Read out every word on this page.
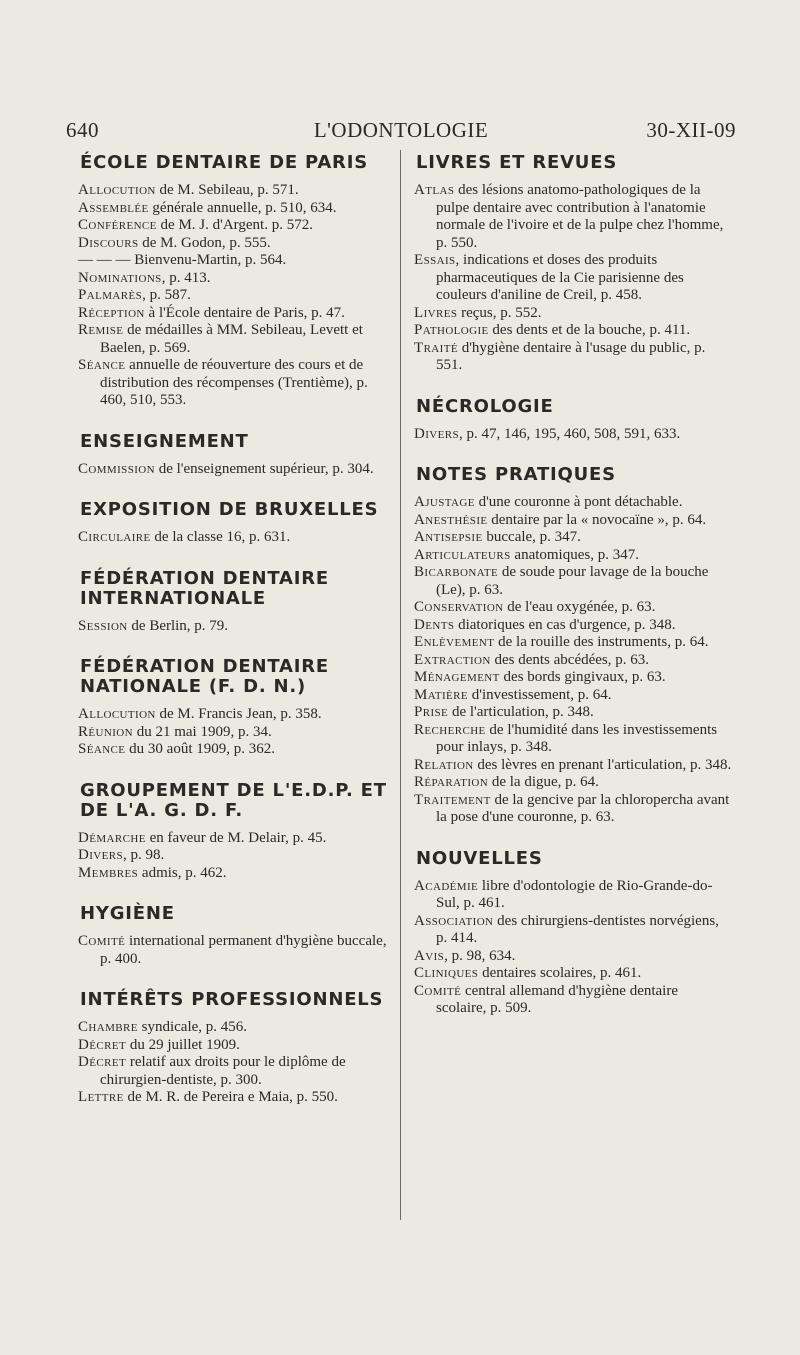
640	L'ODONTOLOGIE	30-XII-09
ÉCOLE DENTAIRE DE PARIS

Allocution de M. Sebileau, p. 571.

Assemblée générale annuelle, p. 510, 634.

Conférence de M. J. d'Argent. p. 572.

Discours de M. Godon, p. 555.

— — — Bienvenu-Martin, p. 564.

Nominations, p. 413.

Palmarès, p. 587.

Réception à l'École dentaire de Paris, p. 47.

Remise de médailles à MM. Sebileau, Levett et Baelen, p. 569.

Séance annuelle de réouverture des cours et de distribution des récompenses (Trentième), p. 460, 510, 553.

ENSEIGNEMENT

Commission de l'enseignement supérieur, p. 304.

EXPOSITION DE BRUXELLES

Circulaire de la classe 16, p. 631.

FÉDÉRATION DENTAIRE INTERNATIONALE

Session de Berlin, p. 79.

FÉDÉRATION DENTAIRE NATIONALE (F. D. N.)

Allocution de M. Francis Jean, p. 358.

Réunion du 21 mai 1909, p. 34.

Séance du 30 août 1909, p. 362.

GROUPEMENT DE L'E.D.P. ET DE L'A. G. D. F.

Démarche en faveur de M. Delair, p. 45.

Divers, p. 98.

Membres admis, p. 462.

HYGIÈNE

Comité international permanent d'hygiène buccale, p. 400.

INTÉRÊTS PROFESSIONNELS

Chambre syndicale, p. 456.

Décret du 29 juillet 1909.

Décret relatif aux droits pour le diplôme de chirurgien-dentiste, p. 300.

Lettre de M. R. de Pereira e Maia, p. 550.

LIVRES ET REVUES

Atlas des lésions anatomo-pathologiques de la pulpe dentaire avec contribution à l'anatomie normale de l'ivoire et de la pulpe chez l'homme, p. 550.

Essais, indications et doses des produits pharmaceutiques de la Cie parisienne des couleurs d'aniline de Creil, p. 458.

Livres reçus, p. 552.

Pathologie des dents et de la bouche, p. 411.

Traité d'hygiène dentaire à l'usage du public, p. 551.

NÉCROLOGIE

Divers, p. 47, 146, 195, 460, 508, 591, 633.

NOTES PRATIQUES

Ajustage d'une couronne à pont détachable.

Anesthésie dentaire par la « novocaïne », p. 64.

Antisepsie buccale, p. 347.

Articulateurs anatomiques, p. 347.

Bicarbonate de soude pour lavage de la bouche (Le), p. 63.

Conservation de l'eau oxygénée, p. 63.

Dents diatoriques en cas d'urgence, p. 348.

Enlèvement de la rouille des instruments, p. 64.

Extraction des dents abcédées, p. 63.

Ménagement des bords gingivaux, p. 63.

Matière d'investissement, p. 64.

Prise de l'articulation, p. 348.

Recherche de l'humidité dans les investissements pour inlays, p. 348.

Relation des lèvres en prenant l'articulation, p. 348.

Réparation de la digue, p. 64.

Traitement de la gencive par la chloropercha avant la pose d'une couronne, p. 63.

NOUVELLES

Académie libre d'odontologie de Rio-Grande-do-Sul, p. 461.

Association des chirurgiens-dentistes norvégiens, p. 414.

Avis, p. 98, 634.

Cliniques dentaires scolaires, p. 461.

Comité central allemand d'hygiène dentaire scolaire, p. 509.
